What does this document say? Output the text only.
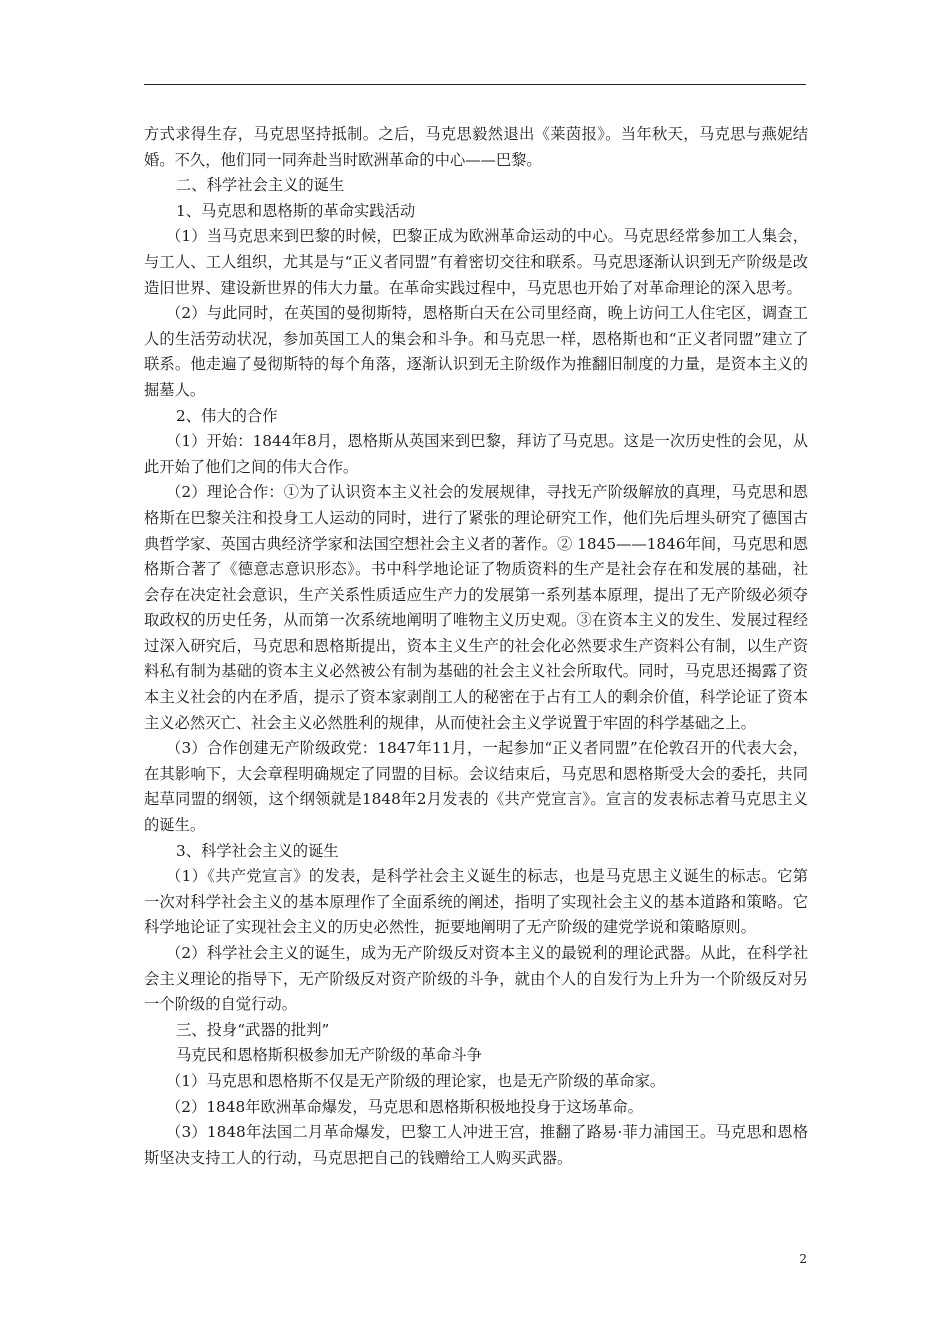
方式求得生存，马克思坚持抵制。之后，马克思毅然退出《莱茵报》。当年秋天，马克思与燕妮结婚。不久，他们同一同奔赴当时欧洲革命的中心——巴黎。

二、科学社会主义的诞生

1、马克思和恩格斯的革命实践活动

（1）当马克思来到巴黎的时候，巴黎正成为欧洲革命运动的中心。马克思经常参加工人集会，与工人、工人组织，尤其是与“正义者同盟”有着密切交往和联系。马克思逐渐认识到无产阶级是改造旧世界、建设新世界的伟大力量。在革命实践过程中，马克思也开始了对革命理论的深入思考。

（2）与此同时，在英国的曼彻斯特，恩格斯白天在公司里经商，晚上访问工人住宅区，调查工人的生活劳动状况，参加英国工人的集会和斗争。和马克思一样，恩格斯也和“正义者同盟”建立了联系。他走遍了曼彻斯特的每个角落，逐渐认识到无主阶级作为推翻旧制度的力量，是资本主义的掘墓人。

2、伟大的合作

（1）开始：1844年8月，恩格斯从英国来到巴黎，拜访了马克思。这是一次历史性的会见，从此开始了他们之间的伟大合作。

（2）理论合作：①为了认识资本主义社会的发展规律，寻找无产阶级解放的真理，马克思和恩格斯在巴黎关注和投身工人运动的同时，进行了紧张的理论研究工作，他们先后埋头研究了德国古典哲学家、英国古典经济学家和法国空想社会主义者的著作。② 1845——1846年间，马克思和恩格斯合著了《德意志意识形态》。书中科学地论证了物质资料的生产是社会存在和发展的基础，社会存在决定社会意识，生产关系性质适应生产力的发展第一系列基本原理，提出了无产阶级必须夺取政权的历史任务，从而第一次系统地阐明了唯物主义历史观。③在资本主义的发生、发展过程经过深入研究后，马克思和恩格斯提出，资本主义生产的社会化必然要求生产资料公有制，以生产资料私有制为基础的资本主义必然被公有制为基础的社会主义社会所取代。同时，马克思还揭露了资本主义社会的内在矛盾，提示了资本家剥削工人的秘密在于占有工人的剩余价值，科学论证了资本主义必然灭亡、社会主义必然胜利的规律，从而使社会主义学说置于牢固的科学基础之上。

（3）合作创建无产阶级政党：1847年11月，一起参加“正义者同盟”在伦敦召开的代表大会，在其影响下，大会章程明确规定了同盟的目标。会议结束后，马克思和恩格斯受大会的委托，共同起草同盟的纲领，这个纲领就是1848年2月发表的《共产党宣言》。宣言的发表标志着马克思主义的诞生。

3、科学社会主义的诞生

（1）《共产党宣言》的发表，是科学社会主义诞生的标志，也是马克思主义诞生的标志。它第一次对科学社会主义的基本原理作了全面系统的阐述，指明了实现社会主义的基本道路和策略。它科学地论证了实现社会主义的历史必然性，扼要地阐明了无产阶级的建党学说和策略原则。

（2）科学社会主义的诞生，成为无产阶级反对资本主义的最锐利的理论武器。从此，在科学社会主义理论的指导下，无产阶级反对资产阶级的斗争，就由个人的自发行为上升为一个阶级反对另一个阶级的自觉行动。

三、投身“武器的批判”

马克民和恩格斯积极参加无产阶级的革命斗争

（1）马克思和恩格斯不仅是无产阶级的理论家，也是无产阶级的革命家。

（2）1848年欧洲革命爆发，马克思和恩格斯积极地投身于这场革命。

（3）1848年法国二月革命爆发，巴黎工人冲进王宫，推翻了路易·菲力浦国王。马克思和恩格斯坚决支持工人的行动，马克思把自己的钱赠给工人购买武器。

2
